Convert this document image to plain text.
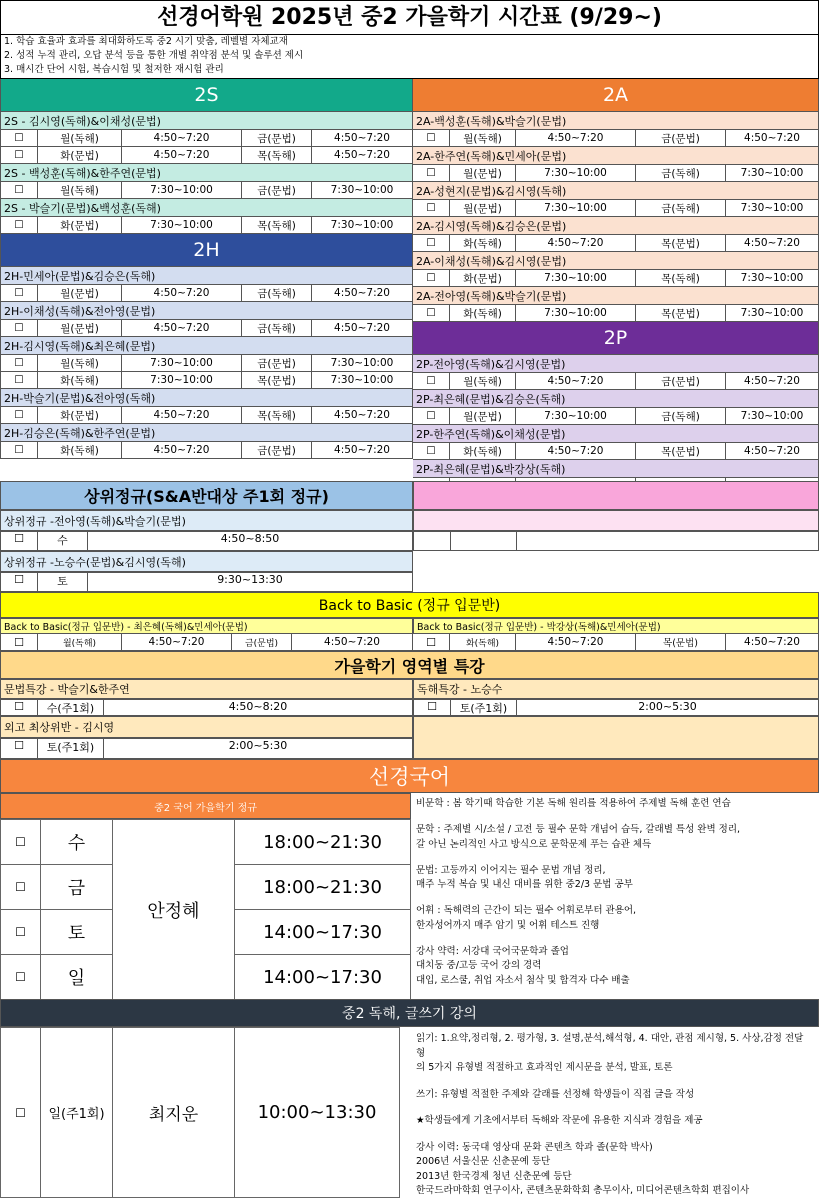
선경어학원 2025년 중2 가을학기 시간표 (9/29~)
1. 학습 효율과 효과를 최대화하도록 중2 시기 맞춤, 레벨별 자체교재
2. 성적 누적 관리, 오답 분석 등을 통한 개별 취약점 분석 및 솔루션 제시
3. 매시간 단어 시험, 복습시험 및 철저한 재시험 관리
2S
2S - 김시영(독해)&이채성(문법)
☐	월(독해)	4:50~7:20	금(문법)	4:50~7:20
☐	화(문법)	4:50~7:20	목(독해)	4:50~7:20
2S - 백성훈(독해)&한주연(문법)
☐	월(독해)	7:30~10:00	금(문법)	7:30~10:00
2S - 박슬기(문법)&백성훈(독해)
☐	화(문법)	7:30~10:00	목(독해)	7:30~10:00
2H
2H-민세아(문법)&김승은(독해)
☐	월(문법)	4:50~7:20	금(독해)	4:50~7:20
2H-이채성(독해)&전아영(문법)
☐	월(문법)	4:50~7:20	금(독해)	4:50~7:20
2H-김시영(독해)&최은혜(문법)
☐	월(독해)	7:30~10:00	금(문법)	7:30~10:00
☐	화(독해)	7:30~10:00	목(문법)	7:30~10:00
2H-박슬기(문법)&전아영(독해)
☐	화(문법)	4:50~7:20	목(독해)	4:50~7:20
2H-김승은(독해)&한주연(문법)
☐	화(독해)	4:50~7:20	금(문법)	4:50~7:20
2A
2A-백성훈(독해)&박슬기(문법)
☐	월(독해)	4:50~7:20	금(문법)	4:50~7:20
2A-한주연(독해)&민세아(문법)
☐	월(문법)	7:30~10:00	금(독해)	7:30~10:00
2A-성현지(문법)&김시영(독해)
☐	월(문법)	7:30~10:00	금(독해)	7:30~10:00
2A-김시영(독해)&김승은(문법)
☐	화(독해)	4:50~7:20	목(문법)	4:50~7:20
2A-이채성(독해)&김시영(문법)
☐	화(문법)	7:30~10:00	목(독해)	7:30~10:00
2A-전아영(독해)&박슬기(문법)
☐	화(독해)	7:30~10:00	목(문법)	7:30~10:00
2P
2P-전아영(독해)&김시영(문법)
☐	월(독해)	4:50~7:20	금(문법)	4:50~7:20
2P-최은혜(문법)&김승은(독해)
☐	월(문법)	7:30~10:00	금(독해)	7:30~10:00
2P-한주연(독해)&이채성(문법)
☐	화(독해)	4:50~7:20	목(문법)	4:50~7:20
2P-최은혜(문법)&박강상(독해)
상위정규(S&A반대상 주1회 정규)
상위정규 -전아영(독해)&박슬기(문법)
☐	수	4:50~8:50
상위정규 -노승수(문법)&김시영(독해)
☐	토	9:30~13:30
Back to Basic (정규 입문반)
Back to Basic(정규 입문반) - 최은혜(독해)&민세아(문법)	Back to Basic(정규 입문반) - 박강상(독해)&민세아(문법)
☐	월(독해)	4:50~7:20	금(문법)	4:50~7:20	☐	화(독해)	4:50~7:20	목(문법)	4:50~7:20
가을학기 영역별 특강
문법특강 - 박슬기&한주연	독해특강 - 노승수
☐	수(주1회)	4:50~8:20	☐	토(주1회)	2:00~5:30
외고 최상위반 - 김시영
☐	토(주1회)	2:00~5:30
선경국어
중2 국어 가을학기 정규
☐	수	안정혜	18:00~21:30
☐	금		18:00~21:30
☐	토		14:00~17:30
☐	일		14:00~17:30

비문학 : 봄 학기때 학습한 기본 독해 원리를 적용하여 주제별 독해 훈련 연습

문학 : 주제별 시/소설 / 고전 등 필수 문학 개념어 습득, 갈래별 특성 완벽 정리,

갈 아닌 논리적인 사고 방식으로 문학문제 푸는 습관 체득

문법: 고등까지 이어지는 필수 문법 개념 정리,

매주 누적 복습 및 내신 대비를 위한 중2/3 문법 공부

어휘 : 독해력의 근간이 되는 필수 어휘로부터 관용어,

한자성어까지 매주 암기 및 어휘 테스트 진행

강사 약력: 서강대 국어국문학과 졸업
대치동 중/고등 국어 강의 경력
대입, 로스쿨, 취업 자소서 첨삭 및 합격자 다수 배출
중2 독해, 글쓰기 강의
☐	일(주1회)	최지운	10:00~13:30
읽기: 1.요약,정리형, 2. 평가형, 3. 설명,분석,해석형, 4. 대안, 관점 제시형, 5. 사상,감정 전달형

의 5가지 유형별 적절하고 효과적인 제시문을 분석, 발표, 토론

쓰기: 유형별 적절한 주제와 갈래를 선정해 학생들이 직접 글을 작성

★학생들에게 기초에서부터 독해와 작문에 유용한 지식과 경험을 제공

강사 이력: 동국대 영상대 문화 콘텐츠 학과 졸(문학 박사)
2006년 서울신문 신춘문예 등단
2013년 한국경제 청년 신춘문예 등단
한국드라마학회 연구이사, 콘텐츠문화학회 총무이사, 미디어콘텐츠학회 편집이사
